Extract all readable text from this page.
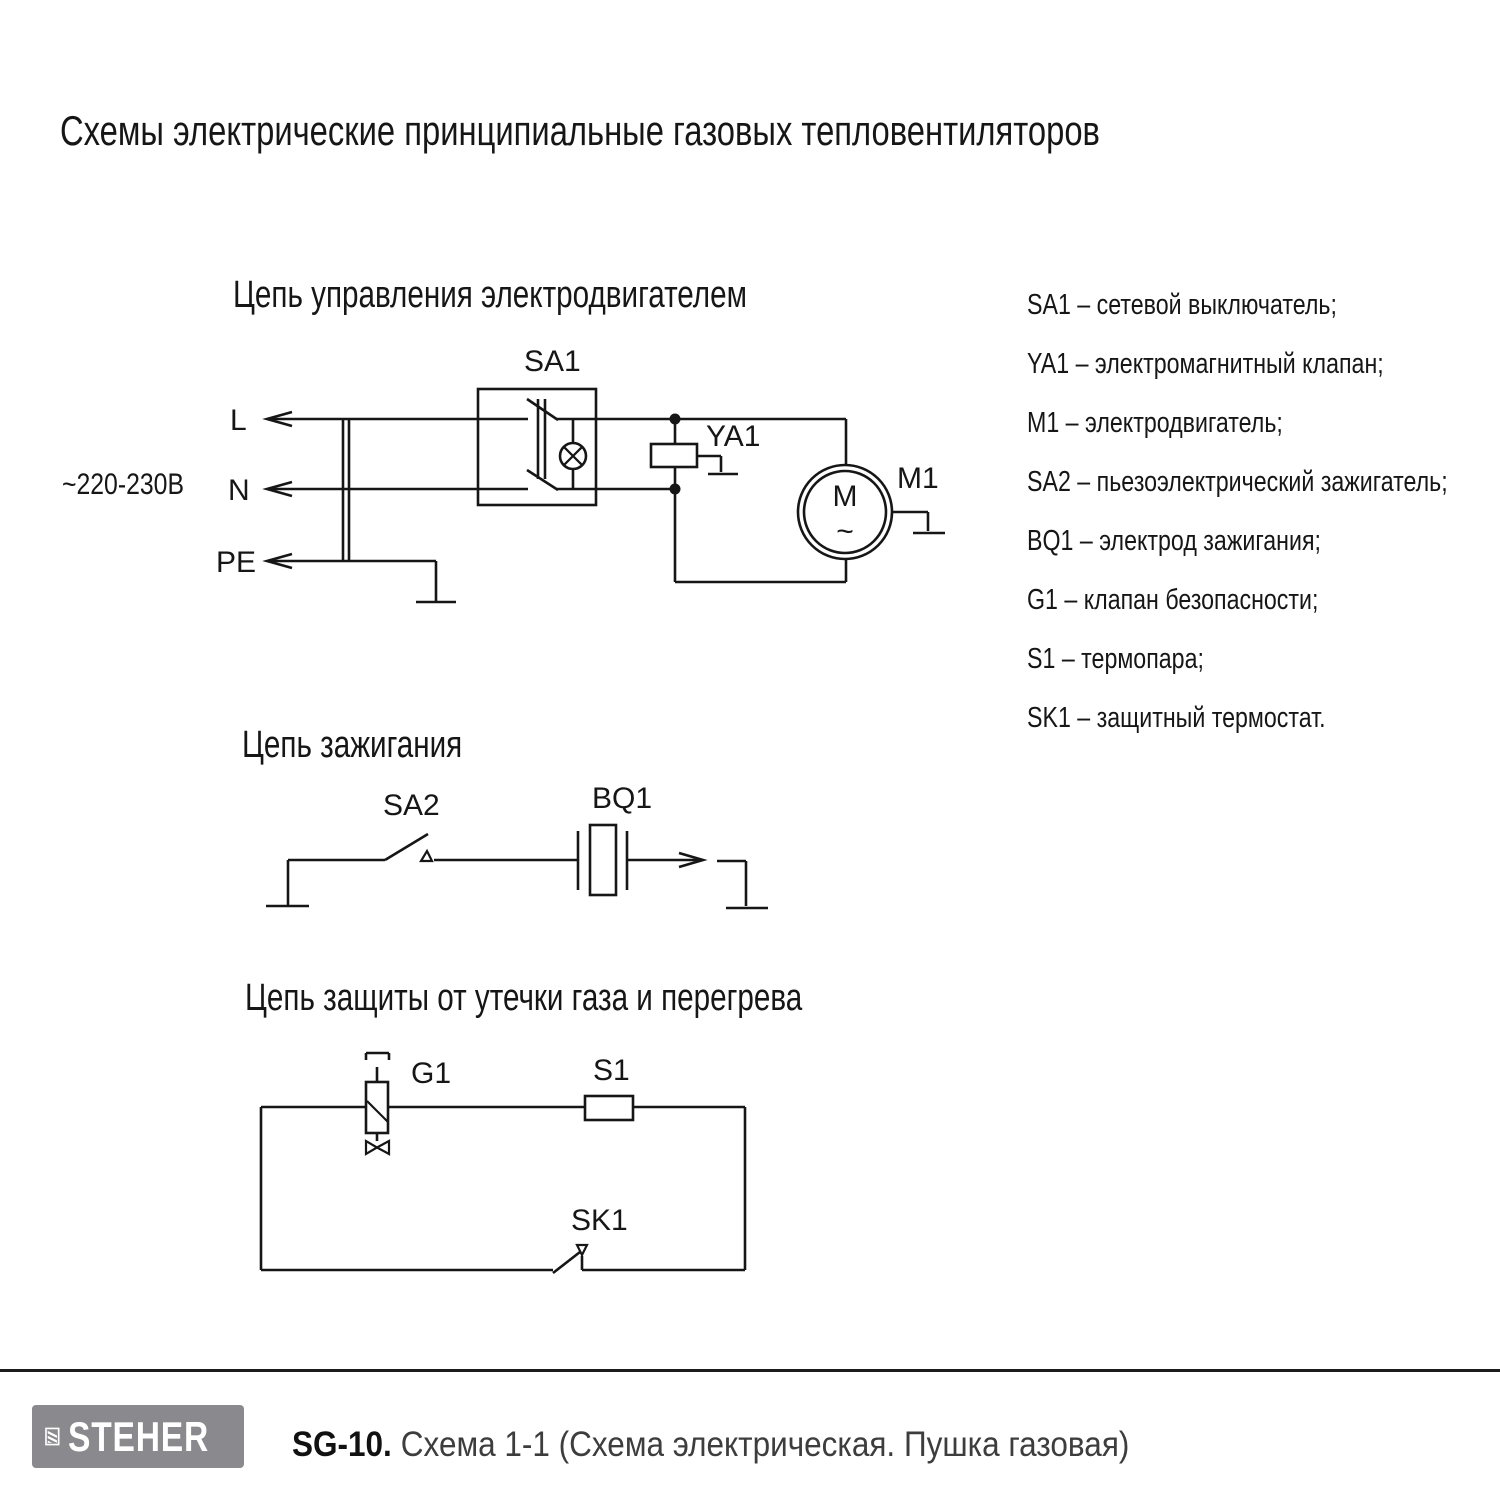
Схемы электрические принципиальные газовых тепловентиляторов
Цепь управления электродвигателем
~220-230В
L
N
PE
SA1
YA1
M1
M
~
Цепь зажигания
SA2	BQ1
Цепь защиты от утечки газа и перегрева
G1	S1
SK1
SA1 – сетевой выключатель;
YA1 – электромагнитный клапан;
M1 – электродвигатель;
SA2 – пьезоэлектрический зажигатель;
BQ1 – электрод зажигания;
G1 – клапан безопасности;
S1 – термопара;
SK1 – защитный термостат.
STEHER SG-10. Схема 1-1 (Схема электрическая. Пушка газовая)
